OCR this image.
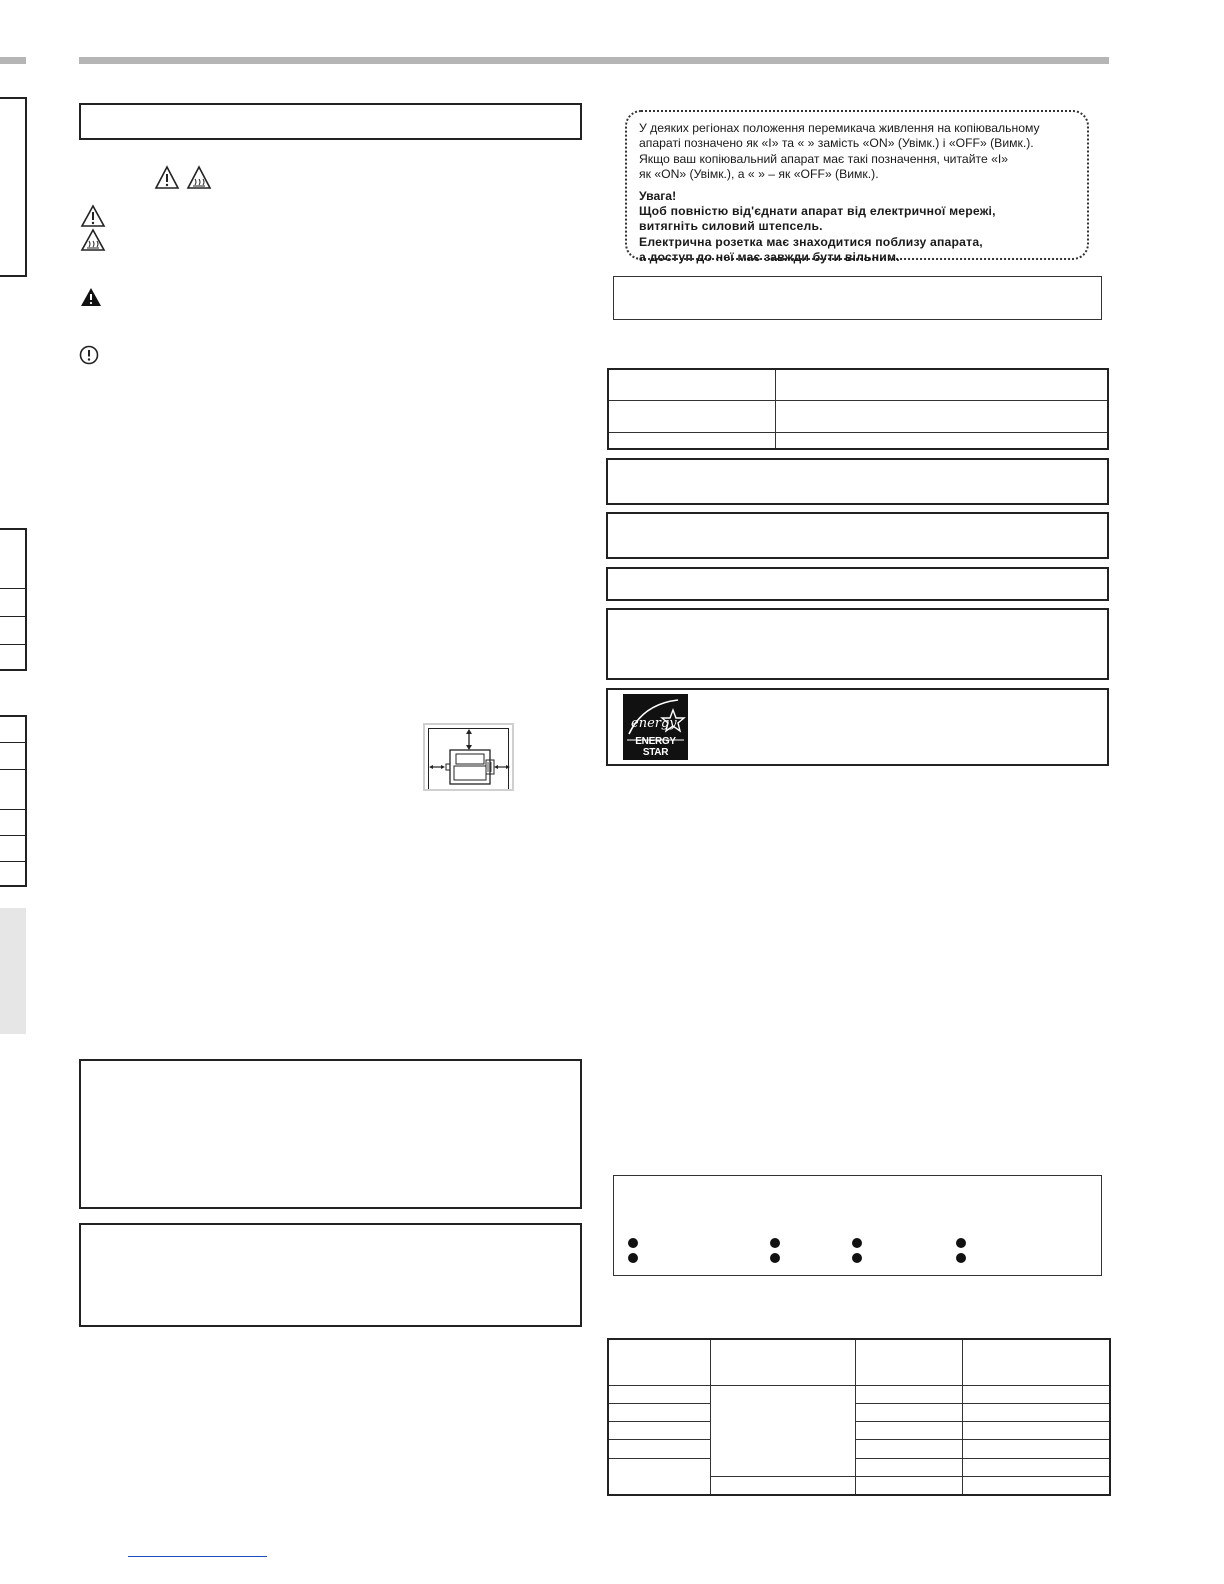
У деяких регіонах положення перемикача живлення на копіювальному

апараті позначено як «I» та « » замість «ON» (Увімк.) і «OFF» (Вимк.).

Якщо ваш копіювальний апарат має такі позначення, читайте «I»

як «ON» (Увімк.), а « » – як «OFF» (Вимк.).

Увага!

Щоб повністю від'єднати апарат від електричної мережі,

витягніть силовий штепсель.

Електрична розетка має знаходитися поблизу апарата,

а доступ до неї має завжди бути вільним.

energy
ENERGY STAR
